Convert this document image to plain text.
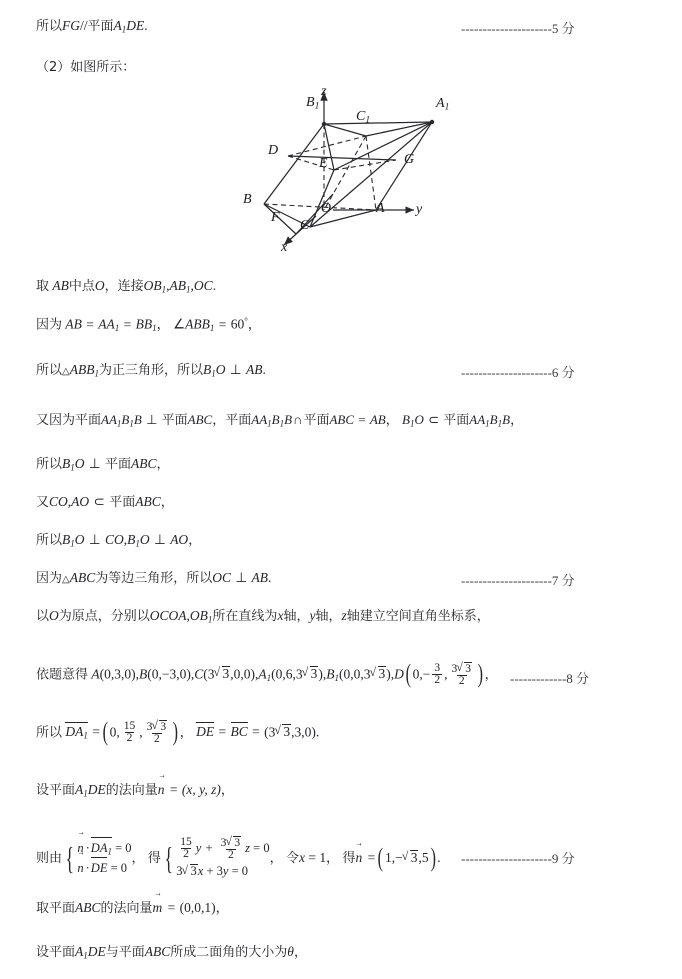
所以FG//平面$A_1DE$.	---------------------5 分
（2）如图所示：
$B_1$	$A_1$
$C_1$
D
E	G
B
F
O
C
A
z
y
x
取 AB中点O，连接$OB_1,AB_1,OC$.
因为 AB = $AA_1 = BB_1$， $\angle ABB_1 = 60^\circ$，
所以$\triangle ABB_1$为正三角形，所以$B_1O$ ⊥ AB.	---------------------6 分
又因为平面$AA_1B_1B$ ⊥ 平面ABC，平面$AA_1B_1B\cap$平面ABC = AB， $B_1O$ ⊂ 平面$AA_1B_1B$，
所以$B_1O$ ⊥ 平面ABC，
又CO,AO ⊂ 平面ABC，
所以$B_1O$ ⊥ $CO,B_1O$ ⊥ AO，
因为△ABC为等边三角形，所以OC ⊥ AB.	---------------------7 分
以O为原点，分别以$OCOA,OB_1$所在直线为x轴，y轴，z轴建立空间直角坐标系，
依题意得 A(0,3,0),B(0,−3,0),C(3 √ $3,0,0),A_1(0,6,3$ √ $3),B_1(0,0,3$ √ 3),D( $0,- \frac{3}{2}$ , $\frac{3 √ 3}{2}$ ) ， -------------8 分
所以 $DA_1$ = ( 0, $\frac{15}{2}$ , $\frac{3 √ 3}{2}$ ) ， DE = BC = (3 √ 3,3,0).
设平面$A_1DE$的法向量→ n = (x, y, z)，
则由 { → $n \cdot DA_1 = 0$
→ n ·DE = 0
， 得 { $\frac{15}{2}$ $y + \frac{3 √ 3}{2}$ z = 0
3 √ 3x + 3y = 0
， 令x = 1， 得→ n = ( 1,− √ 3,5) . ---------------------9 分
取平面ABC的法向量→ m = (0,0,1)，
设平面$A_1DE$与平面ABC所成二面角的大小为θ，
